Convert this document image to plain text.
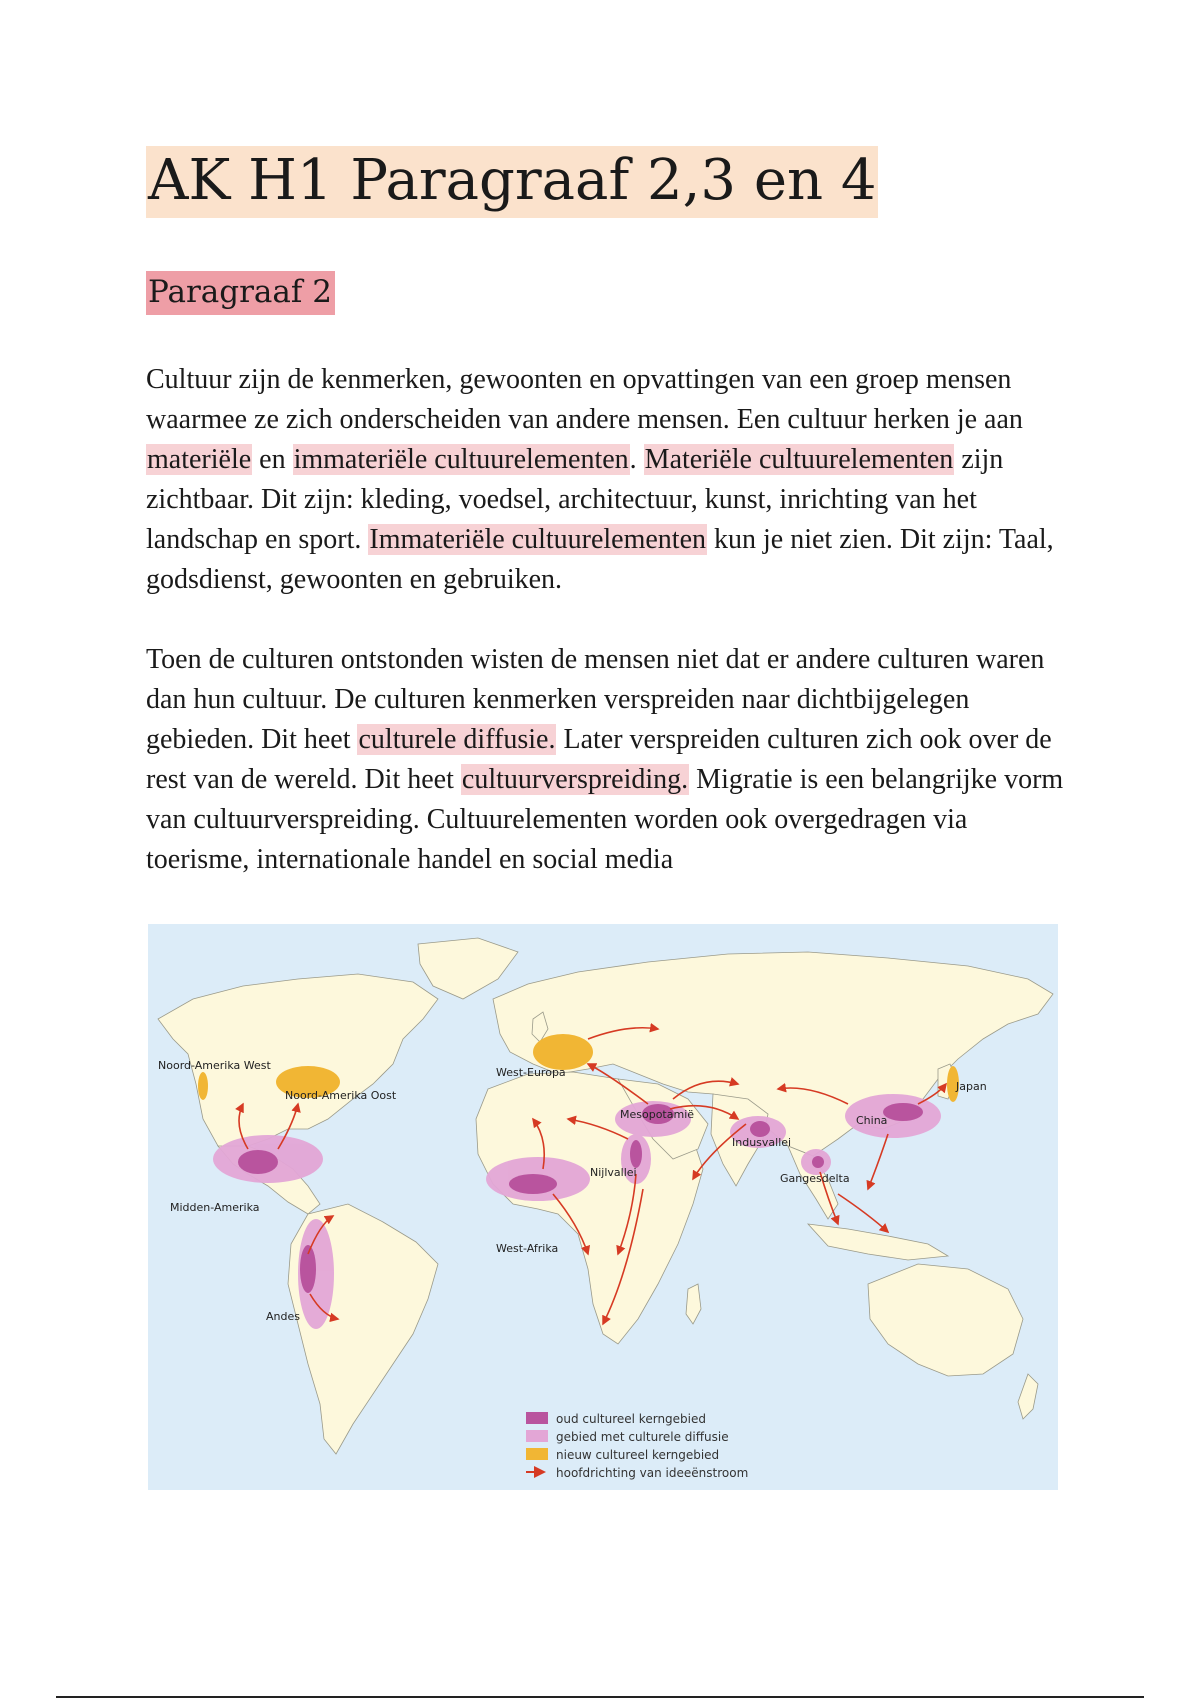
AK H1 Paragraaf 2,3 en 4
Paragraaf 2

Cultuur zijn de kenmerken, gewoonten en opvattingen van een groep mensen waarmee ze zich onderscheiden van andere mensen. Een cultuur herken je aan materiële en immateriële cultuurelementen. Materiële cultuurelementen zijn zichtbaar. Dit zijn: kleding, voedsel, architectuur, kunst, inrichting van het landschap en sport. Immateriële cultuurelementen kun je niet zien. Dit zijn: Taal, godsdienst, gewoonten en gebruiken.

Toen de culturen ontstonden wisten de mensen niet dat er andere culturen waren dan hun cultuur. De culturen kenmerken verspreiden naar dichtbijgelegen gebieden. Dit heet culturele diffusie. Later verspreiden culturen zich ook over de rest van de wereld. Dit heet cultuurverspreiding. Migratie is een belangrijke vorm van cultuurverspreiding. Cultuurelementen worden ook overgedragen via toerisme, internationale handel en social media

Noord-Amerika West
Noord-Amerika Oost
Midden-Amerika
Andes
West-Europa
Mesopotamië
Nijlvallei
West-Afrika
Indusvallei
Gangesdelta
China
Japan
oud cultureel kerngebied
gebied met culturele diffusie
nieuw cultureel kerngebied
hoofdrichting van ideeënstroom
